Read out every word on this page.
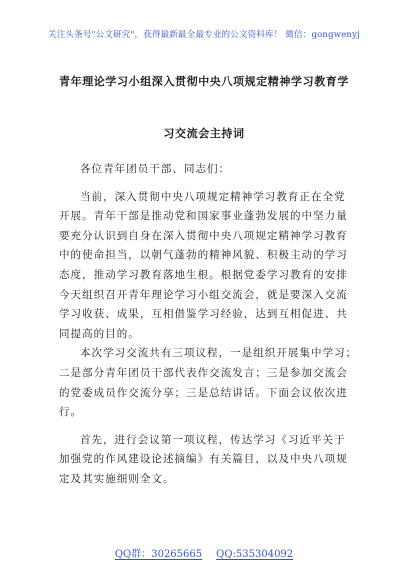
关注头条号"公文研究"，获得最新最全最专业的公文资料库！ 微信：gongwenyj
青年理论学习小组深入贯彻中央八项规定精神学习教育学
习交流会主持词
各位青年团员干部、同志们：
当前，深入贯彻中央八项规定精神学习教育正在全党
开展。青年干部是推动党和国家事业蓬勃发展的中坚力量
要充分认识到自身在深入贯彻中央八项规定精神学习教育
中的使命担当，以朝气蓬勃的精神风貌、积极主动的学习
态度，推动学习教育落地生根。根据党委学习教育的安排
今天组织召开青年理论学习小组交流会，就是要深入交流
学习收获、成果，互相借鉴学习经验，达到互相促进、共
同提高的目的。
本次学习交流共有三项议程，一是组织开展集中学习；
二是部分青年团员干部代表作交流发言；三是参加交流会
的党委成员作交流分享；三是总结讲话。下面会议依次进
行。
首先，进行会议第一项议程，传达学习《习近平关于
加强党的作风建设论述摘编》有关篇目，以及中央八项规
定及其实施细则全文。
QQ群：30265665 QQ:535304092
